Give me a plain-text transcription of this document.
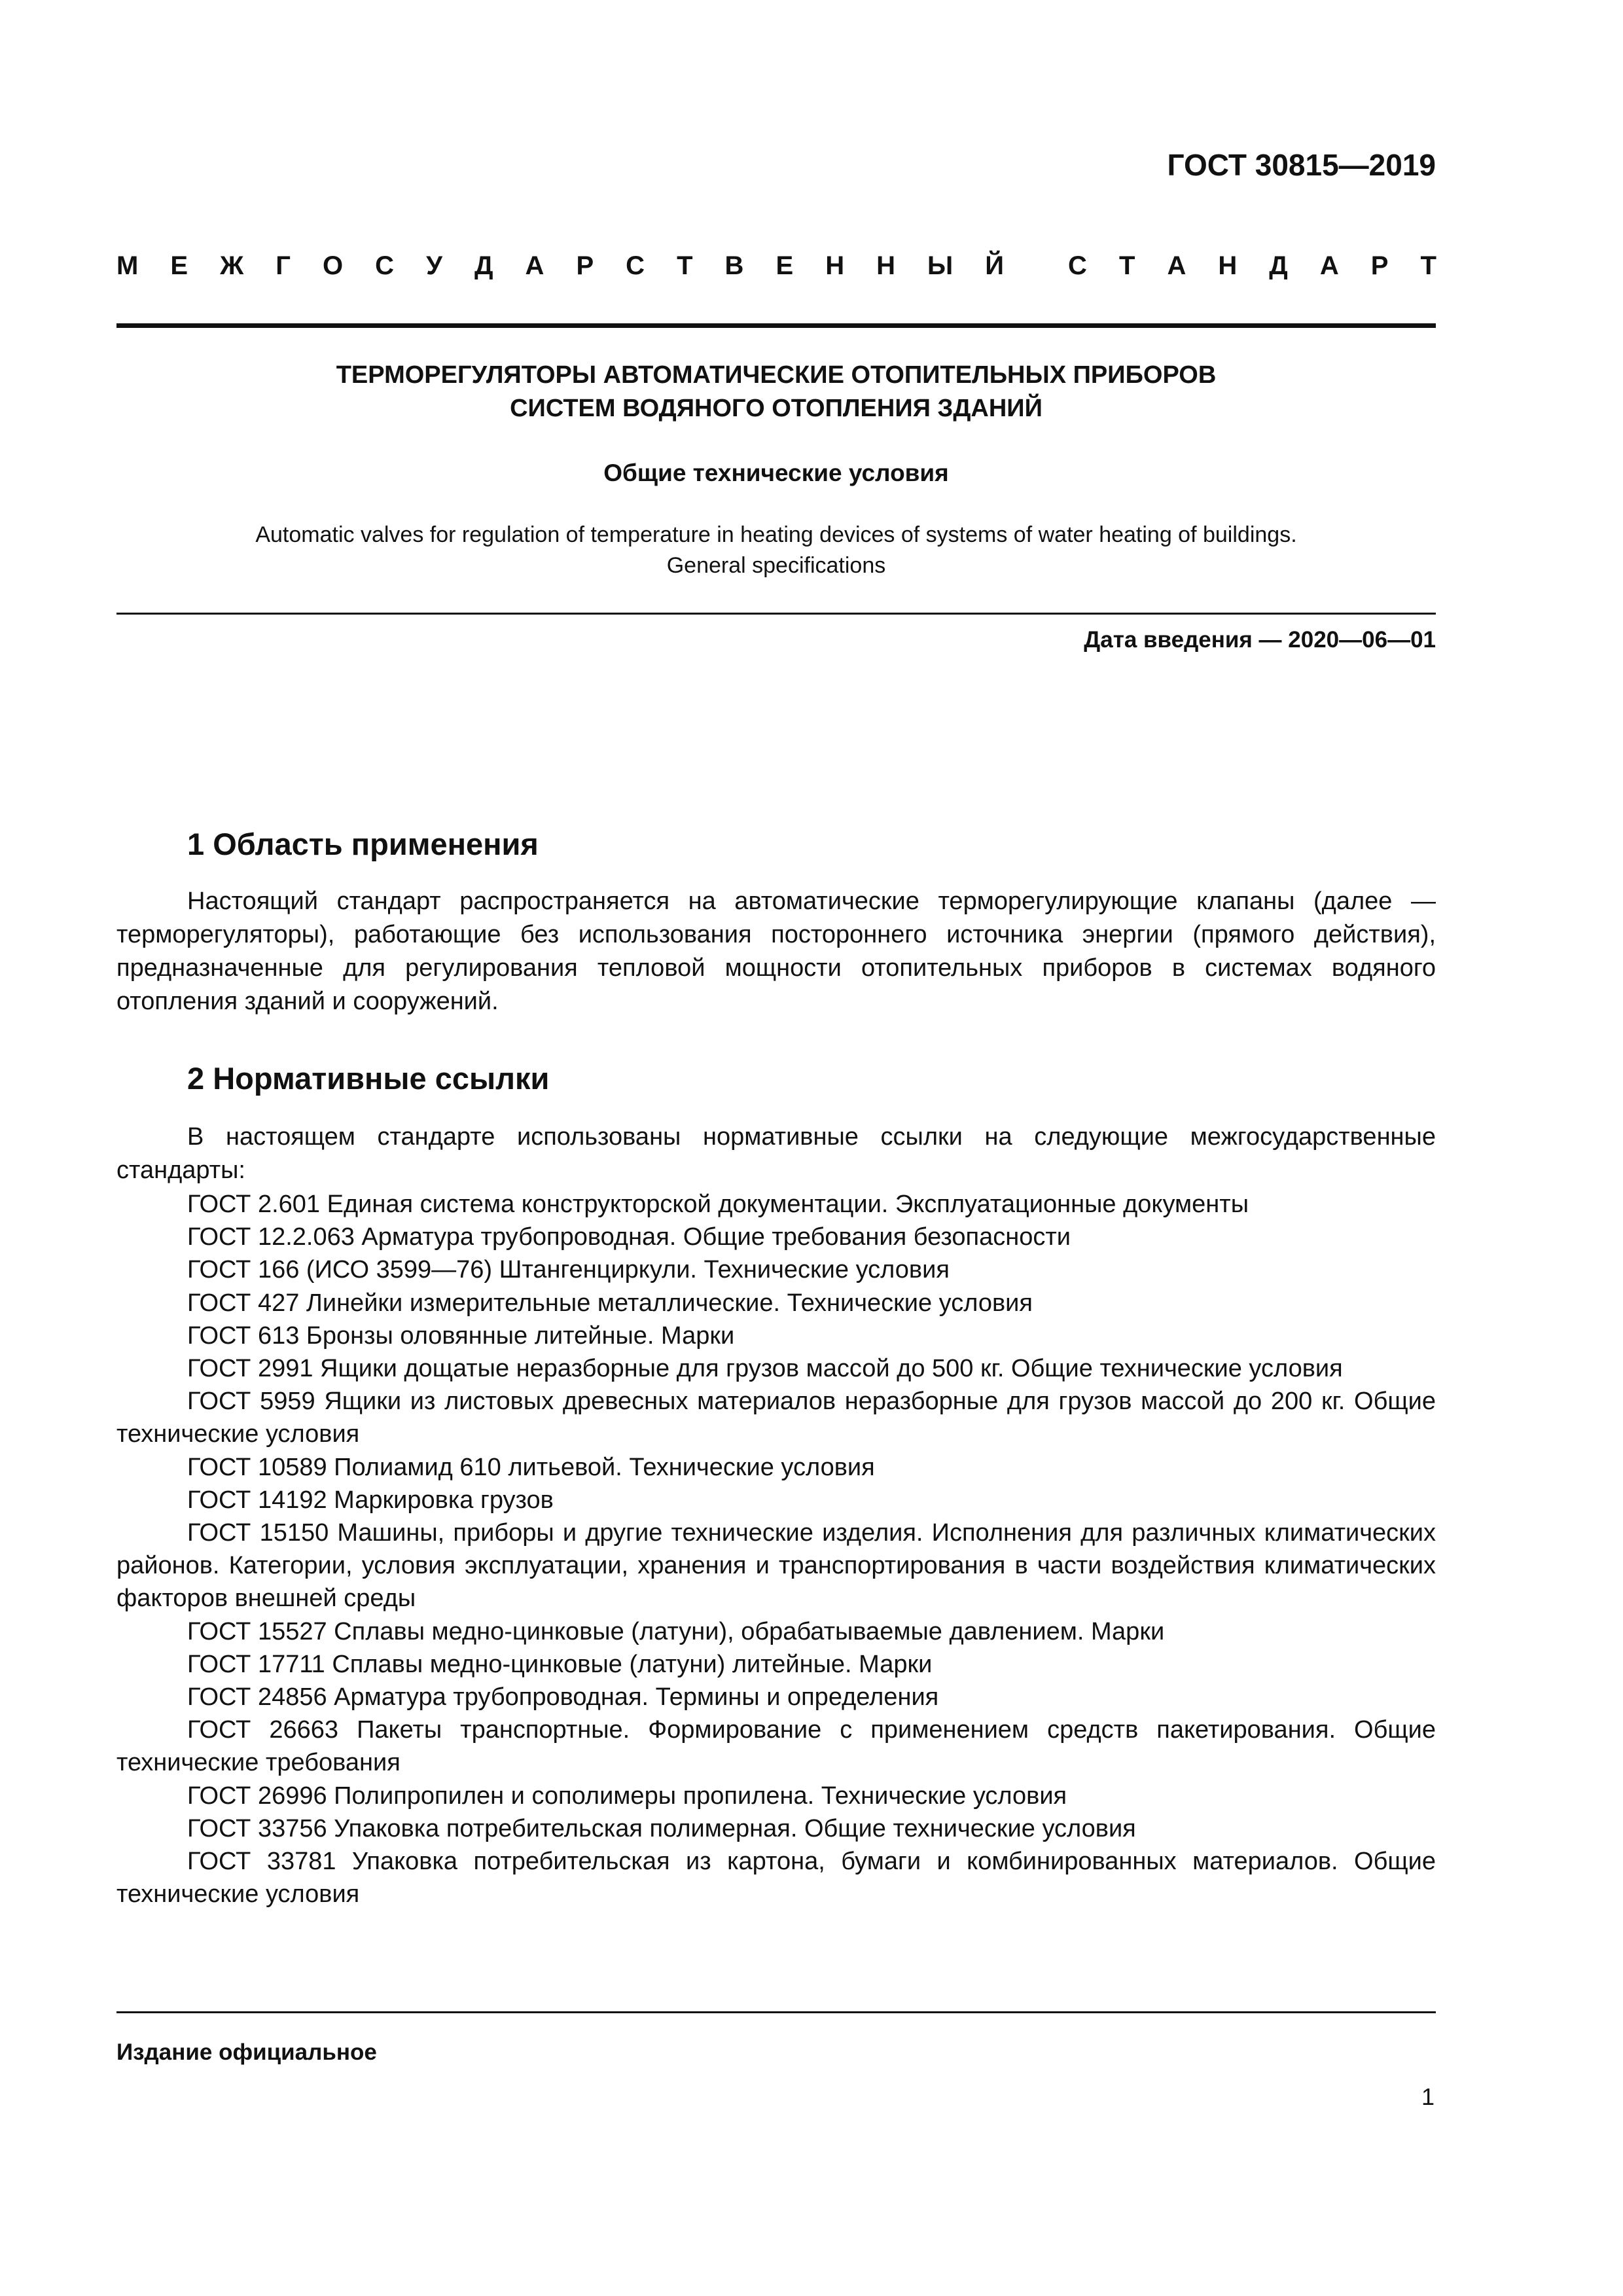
ГОСТ 30815—2019
М Е Ж Г О С У Д А Р С Т В Е Н Н Ы Й С Т А Н Д А Р Т
ТЕРМОРЕГУЛЯТОРЫ АВТОМАТИЧЕСКИЕ ОТОПИТЕЛЬНЫХ ПРИБОРОВ
СИСТЕМ ВОДЯНОГО ОТОПЛЕНИЯ ЗДАНИЙ
Общие технические условия
Automatic valves for regulation of temperature in heating devices of systems of water heating of buildings.
General specifications
Дата введения — 2020—06—01
1 Область применения
Настоящий стандарт распространяется на автоматические терморегулирующие клапаны (далее — терморегуляторы), работающие без использования постороннего источника энергии (прямого действия), предназначенные для регулирования тепловой мощности отопительных приборов в системах водяного отопления зданий и сооружений.
2 Нормативные ссылки
В настоящем стандарте использованы нормативные ссылки на следующие межгосударственные стандарты:
ГОСТ 2.601 Единая система конструкторской документации. Эксплуатационные документы
ГОСТ 12.2.063 Арматура трубопроводная. Общие требования безопасности
ГОСТ 166 (ИСО 3599—76) Штангенциркули. Технические условия
ГОСТ 427 Линейки измерительные металлические. Технические условия
ГОСТ 613 Бронзы оловянные литейные. Марки
ГОСТ 2991 Ящики дощатые неразборные для грузов массой до 500 кг. Общие технические условия
ГОСТ 5959 Ящики из листовых древесных материалов неразборные для грузов массой до 200 кг. Общие технические условия
ГОСТ 10589 Полиамид 610 литьевой. Технические условия
ГОСТ 14192 Маркировка грузов
ГОСТ 15150 Машины, приборы и другие технические изделия. Исполнения для различных климатических районов. Категории, условия эксплуатации, хранения и транспортирования в части воздействия климатических факторов внешней среды
ГОСТ 15527 Сплавы медно-цинковые (латуни), обрабатываемые давлением. Марки
ГОСТ 17711 Сплавы медно-цинковые (латуни) литейные. Марки
ГОСТ 24856 Арматура трубопроводная. Термины и определения
ГОСТ 26663 Пакеты транспортные. Формирование с применением средств пакетирования. Общие технические требования
ГОСТ 26996 Полипропилен и сополимеры пропилена. Технические условия
ГОСТ 33756 Упаковка потребительская полимерная. Общие технические условия
ГОСТ 33781 Упаковка потребительская из картона, бумаги и комбинированных материалов. Общие технические условия
Издание официальное
1
